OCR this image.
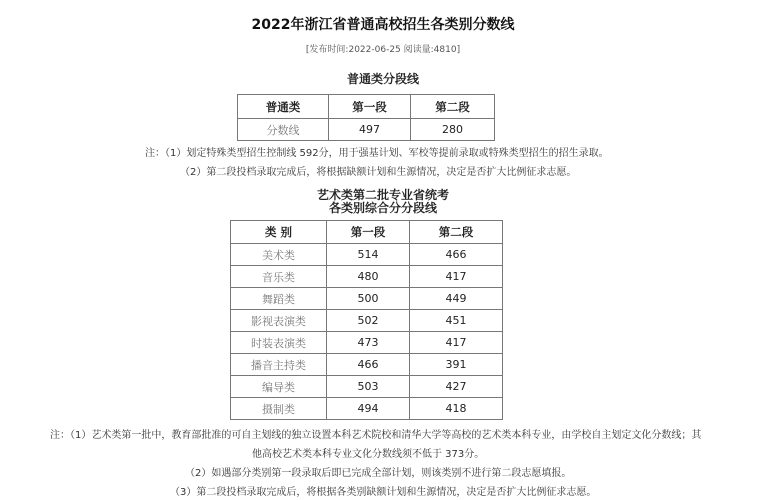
2022年浙江省普通高校招生各类别分数线
[发布时间:2022-06-25 阅读量:4810]
普通类分段线
普通类	第一段	第二段
分数线	497	280
注：（1）划定特殊类型招生控制线 592分，用于强基计划、军校等提前录取或特殊类型招生的招生录取。
（2）第二段投档录取完成后，将根据缺额计划和生源情况，决定是否扩大比例征求志愿。
艺术类第二批专业省统考
各类别综合分分段线
类 别	第一段	第二段
美术类	514	466
音乐类	480	417
舞蹈类	500	449
影视表演类	502	451
时装表演类	473	417
播音主持类	466	391
编导类	503	427
摄制类	494	418
注：（1）艺术类第一批中，教育部批准的可自主划线的独立设置本科艺术院校和清华大学等高校的艺术类本科专业，由学校自主划定文化分数线；其
他高校艺术类本科专业文化分数线须不低于 373分。
（2）如遇部分类别第一段录取后即已完成全部计划，则该类别不进行第二段志愿填报。
（3）第二段投档录取完成后，将根据各类别缺额计划和生源情况，决定是否扩大比例征求志愿。
